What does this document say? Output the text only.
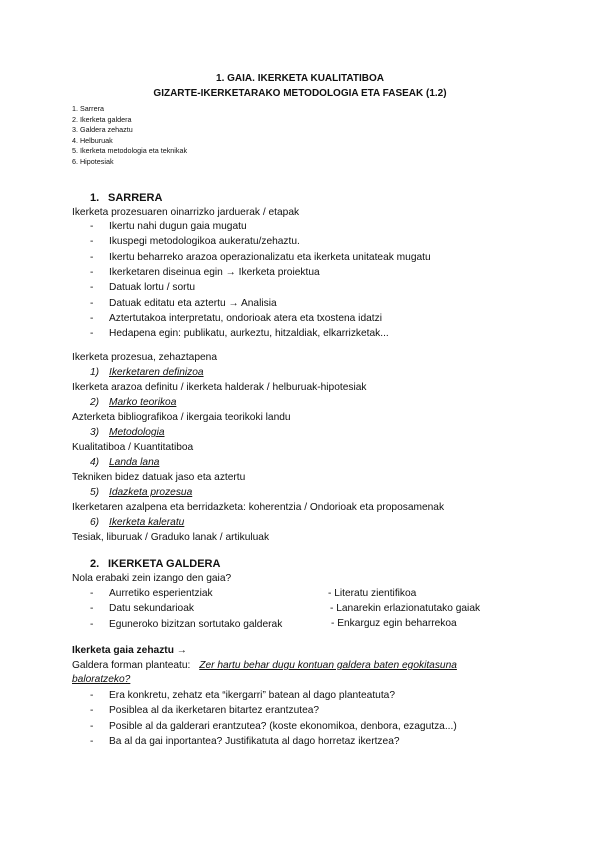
1. GAIA. IKERKETA KUALITATIBOA
GIZARTE-IKERKETARAKO METODOLOGIA ETA FASEAK (1.2)
1. Sarrera
2. Ikerketa galdera
3. Galdera zehaztu
4. Helburuak
5. Ikerketa metodologia eta teknikak
6. Hipotesiak
1. SARRERA
Ikerketa prozesuaren oinarrizko jarduerak / etapak
- Ikertu nahi dugun gaia mugatu
- Ikuspegi metodologikoa aukeratu/zehaztu.
- Ikertu beharreko arazoa operazionalizatu eta ikerketa unitateak mugatu
- Ikerketaren diseinua egin → Ikerketa proiektua
- Datuak lortu / sortu
- Datuak editatu eta aztertu → Analisia
- Aztertutakoa interpretatu, ondorioak atera eta txostena idatzi
- Hedapena egin: publikatu, aurkeztu, hitzaldiak, elkarrizketak...
Ikerketa prozesua, zehaztapena
1) Ikerketaren definizoa
Ikerketa arazoa definitu / ikerketa halderak / helburuak-hipotesiak
2) Marko teorikoa
Azterketa bibliografikoa / ikergaia teorikoki landu
3) Metodologia
Kualitatiboa / Kuantitatiboa
4) Landa lana
Tekniken bidez datuak jaso eta aztertu
5) Idazketa prozesua
Ikerketaren azalpena eta berridazketa: koherentzia / Ondorioak eta proposamenak
6) Ikerketa kaleratu
Tesiak, liburuak / Graduko lanak / artikuluak
2. IKERKETA GALDERA
Nola erabaki zein izango den gaia?
- Aurretiko esperientziak
- Datu sekundarioak
- Eguneroko bizitzan sortutako galderak
- Literatu zientifikoa
- Lanarekin erlazionatutako gaiak
- Enkarguz egin beharrekoa
Ikerketa gaia zehaztu →
Galdera forman planteatu: Zer hartu behar dugu kontuan galdera baten egokitasuna
baloratzeko?
- Era konkretu, zehatz eta “ikergarri” batean al dago planteatuta?
- Posiblea al da ikerketaren bitartez erantzutea?
- Posible al da galderari erantzutea? (koste ekonomikoa, denbora, ezagutza...)
- Ba al da gai inportantea? Justifikatuta al dago horretaz ikertzea?
